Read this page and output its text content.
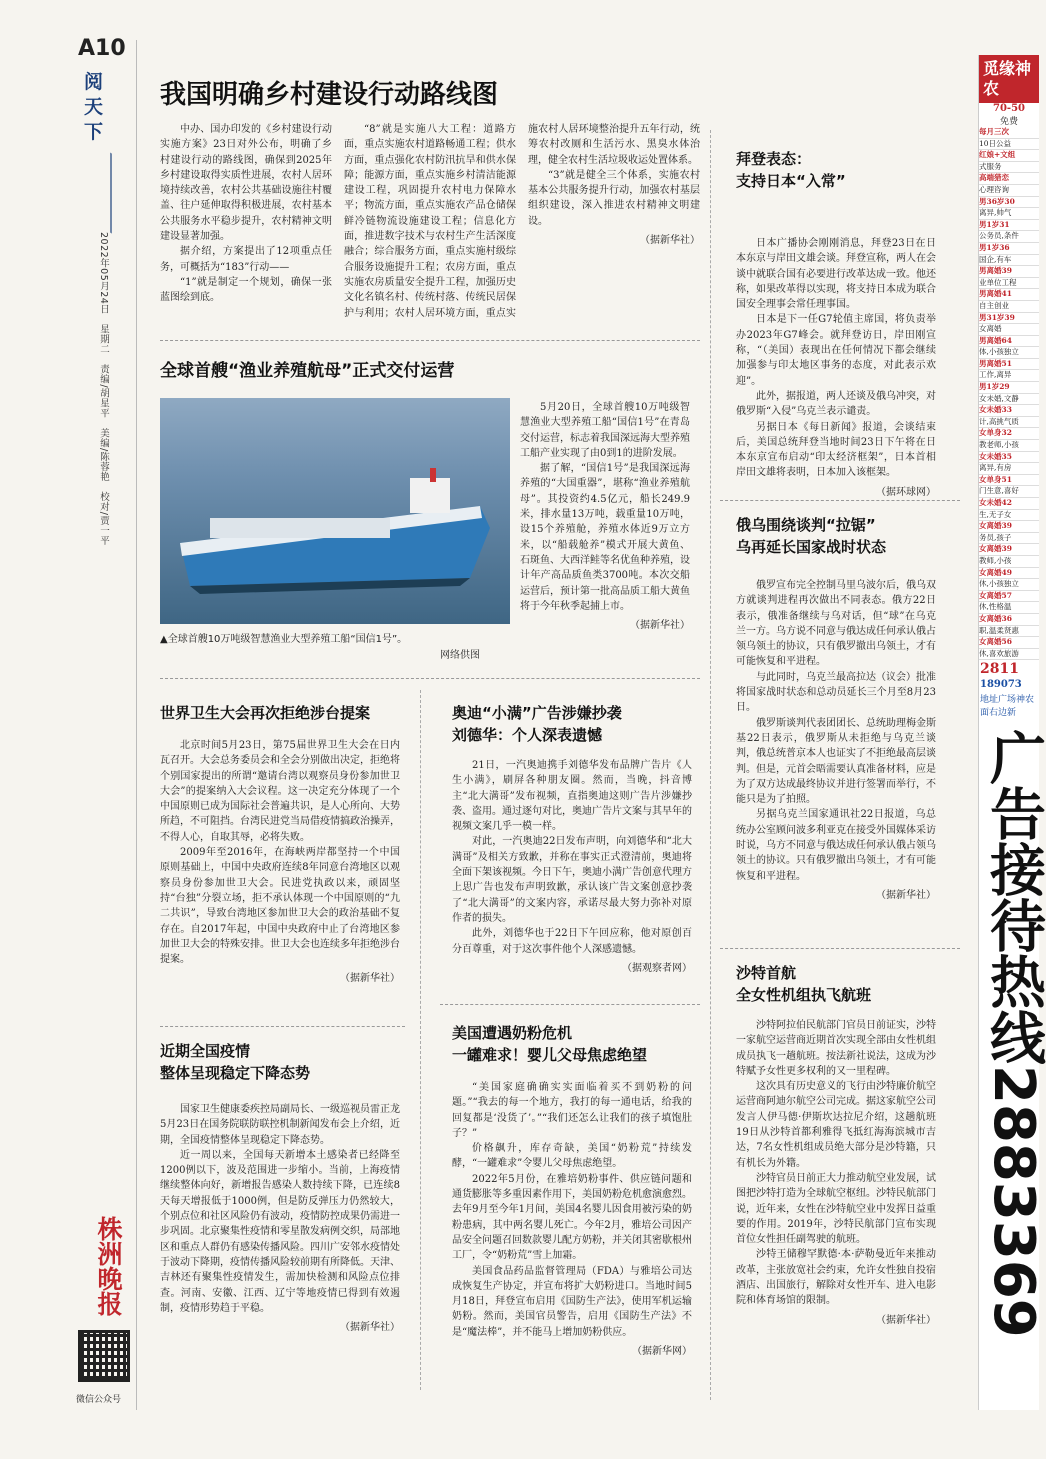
A10
阅天下
2022年05月24日　星期二　责编/胡星平　美编/陈蓉艳　校对/贾一平
株洲晚报
微信公众号
我国明确乡村建设行动路线图

中办、国办印发的《乡村建设行动实施方案》23日对外公布，明确了乡村建设行动的路线图，确保到2025年乡村建设取得实质性进展，农村人居环境持续改善，农村公共基础设施往村覆盖、往户延伸取得积极进展，农村基本公共服务水平稳步提升，农村精神文明建设显著加强。

据介绍，方案提出了12项重点任务，可概括为“183”行动——

“1”就是制定一个规划，确保一张蓝图绘到底。

“8”就是实施八大工程：道路方面，重点实施农村道路畅通工程；供水方面，重点强化农村防汛抗旱和供水保障；能源方面，重点实施乡村清洁能源建设工程，巩固提升农村电力保障水平；物流方面，重点实施农产品仓储保鲜冷链物流设施建设工程；信息化方面，推进数字技术与农村生产生活深度融合；综合服务方面，重点实施村级综合服务设施提升工程；农房方面，重点实施农房质量安全提升工程，加强历史文化名镇名村、传统村落、传统民居保护与利用；农村人居环境方面，重点实施农村人居环境整治提升五年行动，统筹农村改厕和生活污水、黑臭水体治理，健全农村生活垃圾收运处置体系。

“3”就是健全三个体系，实施农村基本公共服务提升行动，加强农村基层组织建设，深入推进农村精神文明建设。

（据新华社）
全球首艘“渔业养殖航母”正式交付运营
▲全球首艘10万吨级智慧渔业大型养殖工船“国信1号”。
网络供图

5月20日，全球首艘10万吨级智慧渔业大型养殖工船“国信1号”在青岛交付运营，标志着我国深远海大型养殖工船产业实现了由0到1的进阶发展。

据了解，“国信1号”是我国深远海养殖的“大国重器”，堪称“渔业养殖航母”。其投资约4.5亿元，船长249.9米，排水量13万吨，载重量10万吨，设15个养殖舱，养殖水体近9万立方米，以“船载舱养”模式开展大黄鱼、石斑鱼、大西洋鲑等名优鱼种养殖，设计年产高品质鱼类3700吨。本次交船运营后，预计第一批高品质工船大黄鱼将于今年秋季起捕上市。

（据新华社）
拜登表态：
支持日本“入常”

日本广播协会刚刚消息，拜登23日在日本东京与岸田文雄会谈。拜登宣称，两人在会谈中就联合国有必要进行改革达成一致。他还称，如果改革得以实现，将支持日本成为联合国安全理事会常任理事国。

日本是下一任G7轮值主席国，将负责举办2023年G7峰会。就拜登访日，岸田刚宣称，“（美国）表现出在任何情况下都会继续加强参与印太地区事务的态度，对此表示欢迎”。

此外，据报道，两人还谈及俄乌冲突，对俄罗斯“入侵”乌克兰表示谴责。

另据日本《每日新闻》报道，会谈结束后，美国总统拜登当地时间23日下午将在日本东京宣布启动“印太经济框架”，日本首相岸田文雄将表明，日本加入该框架。

（据环球网）
俄乌围绕谈判“拉锯”
乌再延长国家战时状态

俄罗宣布完全控制马里乌波尔后，俄乌双方就谈判进程再次做出不同表态。俄方22日表示，俄准备继续与乌对话，但“球”在乌克兰一方。乌方说不同意与俄达成任何承认俄占领乌领土的协议，只有俄罗撤出乌领土，才有可能恢复和平进程。

与此同时，乌克兰最高拉达（议会）批准将国家战时状态和总动员延长三个月至8月23日。

俄罗斯谈判代表团团长、总统助理梅金斯基22日表示，俄罗斯从未拒绝与乌克兰谈判，俄总统普京本人也证实了不拒绝最高层谈判。但是，元首会晤需要认真准备材料，应是为了双方达成最终协议并进行签署而举行，不能只是为了拍照。

另据乌克兰国家通讯社22日报道，乌总统办公室顾问波多利亚克在接受外国媒体采访时说，乌方不同意与俄达成任何承认俄占领乌领土的协议。只有俄罗撤出乌领土，才有可能恢复和平进程。

（据新华社）
沙特首航
全女性机组执飞航班

沙特阿拉伯民航部门官员日前证实，沙特一家航空运营商近期首次实现全部由女性机组成员执飞一趟航班。按法新社说法，这成为沙特赋予女性更多权利的又一里程碑。

这次具有历史意义的飞行由沙特廉价航空运营商阿迪尔航空公司完成。据这家航空公司发言人伊马德·伊斯坎达拉尼介绍，这趟航班19日从沙特首都利雅得飞抵红海海滨城市吉达，7名女性机组成员绝大部分是沙特籍，只有机长为外籍。

沙特官员日前正大力推动航空业发展，试图把沙特打造为全球航空枢纽。沙特民航部门说，近年来，女性在沙特航空业中发挥日益重要的作用。2019年，沙特民航部门宣布实现首位女性担任副驾驶的航班。

沙特王储穆罕默德·本·萨勒曼近年来推动改革，主张放宽社会约束，允许女性独自投宿酒店、出国旅行，解除对女性开车、进入电影院和体育场馆的限制。

（据新华社）
世界卫生大会再次拒绝涉台提案

北京时间5月23日，第75届世界卫生大会在日内瓦召开。大会总务委员会和全会分别做出决定，拒绝将个别国家提出的所谓“邀请台湾以观察员身份参加世卫大会”的提案纳入大会议程。这一决定充分体现了一个中国原则已成为国际社会普遍共识，是人心所向、大势所趋，不可阻挡。台湾民进党当局借疫情搞政治操弄，不得人心，自取其辱，必将失败。

2009年至2016年，在海峡两岸都坚持一个中国原则基础上，中国中央政府连续8年同意台湾地区以观察员身份参加世卫大会。民进党执政以来，顽固坚持“台独”分裂立场，拒不承认体现一个中国原则的“九二共识”，导致台湾地区参加世卫大会的政治基础不复存在。自2017年起，中国中央政府中止了台湾地区参加世卫大会的特殊安排。世卫大会也连续多年拒绝涉台提案。

（据新华社）
近期全国疫情
整体呈现稳定下降态势

国家卫生健康委疾控局副局长、一级巡视员雷正龙5月23日在国务院联防联控机制新闻发布会上介绍，近期，全国疫情整体呈现稳定下降态势。

近一周以来，全国每天新增本土感染者已经降至1200例以下，波及范围进一步缩小。当前，上海疫情继续整体向好，新增报告感染人数持续下降，已连续8天每天增报低于1000例，但是防反弹压力仍然较大，个别点位和社区风险仍有波动，疫情防控成果仍需进一步巩固。北京聚集性疫情和零星散发病例交织，局部地区和重点人群仍有感染传播风险。四川广安邻水疫情处于波动下降期，疫情传播风险较前期有所降低。天津、吉林还有聚集性疫情发生，需加快检测和风险点位排查。河南、安徽、江西、辽宁等地疫情已得到有效遏制，疫情形势趋于平稳。

（据新华社）
奥迪“小满”广告涉嫌抄袭
刘德华：个人深表遗憾

21日，一汽奥迪携手刘德华发布品牌广告片《人生小满》，刷屏各种朋友圈。然而，当晚，抖音博主“北大满哥”发布视频，直指奥迪这则广告片涉嫌抄袭、盗用。通过逐句对比，奥迪广告片文案与其早年的视频文案几乎一模一样。

对此，一汽奥迪22日发布声明，向刘德华和“北大满哥”及相关方致歉，并称在事实正式澄清前，奥迪将全面下架该视频。今日下午，奥迪小满广告创意代理方上思广告也发布声明致歉，承认该广告文案创意抄袭了“北大满哥”的文案内容，承诺尽最大努力弥补对原作者的损失。

此外，刘德华也于22日下午回应称，他对原创百分百尊重，对于这次事件他个人深感遗憾。

（据观察者网）
美国遭遇奶粉危机
一罐难求！婴儿父母焦虑绝望

“美国家庭确确实实面临着买不到奶粉的问题。”“我去的每一个地方，我打的每一通电话，给我的回复都是‘没货了’。”“我们还怎么让我们的孩子填饱肚子？”

价格飙升，库存奇缺，美国“奶粉荒”持续发酵，“一罐难求”令婴儿父母焦虑绝望。

2022年5月份，在雅培奶粉事件、供应链问题和通货膨胀等多重因素作用下，美国奶粉危机愈演愈烈。去年9月至今年1月间，美国4名婴儿因食用被污染的奶粉患病，其中两名婴儿死亡。今年2月，雅培公司因产品安全问题召回数款婴儿配方奶粉，并关闭其密歇根州工厂，令“奶粉荒”雪上加霜。

美国食品药品监督管理局（FDA）与雅培公司达成恢复生产协定，并宣布将扩大奶粉进口。当地时间5月18日，拜登宣布启用《国防生产法》，使用军机运输奶粉。然而，美国官员警告，启用《国防生产法》不是“魔法棒”，并不能马上增加奶粉供应。

（据新华网）
觅缘神农
70-50
免费
每月三次
10日公益
红娘+文组
式服务
高端猎恋
心理咨询
男36岁30
离异,帅气
男1岁31
公务员,条件
男1岁36
国企,有车
男离婚39
业单位工程
男离婚41
自主创业
男31岁39
女离婚
男离婚64
体,小孩独立
男离婚51
工作,离异
男1岁29
女未婚,文静
女未婚33
计,高挑气质
女单身32
教老师,小孩
女未婚35
离异,有房
女单身51
门生意,喜好
女未婚42
生,无子女
女离婚39
务员,孩子
女离婚39
教师,小孩
女离婚49
休,小孩独立
女离婚57
休,性格温
女离婚36
职,温柔贤惠
女离婚56
休,喜欢旅游
2811
189073
地址广场神农面右边新
广告接待热线2883369
